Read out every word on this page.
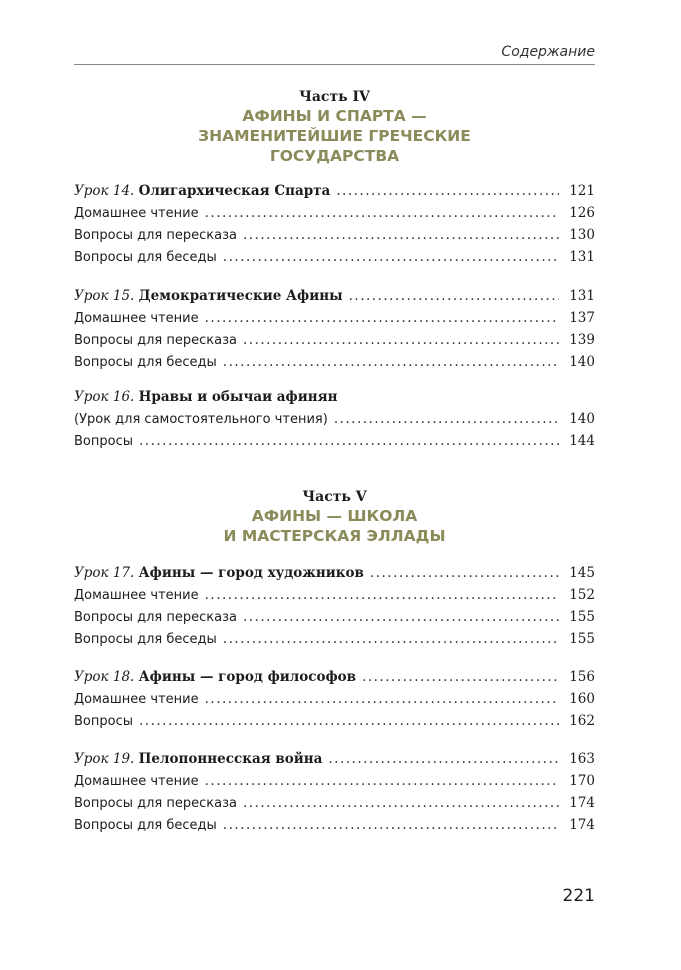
Содержание
Часть IV
АФИНЫ И СПАРТА —
ЗНАМЕНИТЕЙШИЕ ГРЕЧЕСКИЕ
ГОСУДАРСТВА
Урок 14. Олигархическая Спарта .....	121
Домашнее чтение .....	126
Вопросы для пересказа .....	130
Вопросы для беседы .....	131
Урок 15. Демократические Афины .....	131
Домашнее чтение .....	137
Вопросы для пересказа .....	139
Вопросы для беседы .....	140
Урок 16. Нравы и обычаи афинян
(Урок для самостоятельного чтения) .....	140
Вопросы .....	144
Часть V
АФИНЫ — ШКОЛА
И МАСТЕРСКАЯ ЭЛЛАДЫ
Урок 17. Афины — город художников .....	145
Домашнее чтение .....	152
Вопросы для пересказа .....	155
Вопросы для беседы .....	155
Урок 18. Афины — город философов .....	156
Домашнее чтение .....	160
Вопросы .....	162
Урок 19. Пелопоннесская война .....	163
Домашнее чтение .....	170
Вопросы для пересказа .....	174
Вопросы для беседы .....	174
221
